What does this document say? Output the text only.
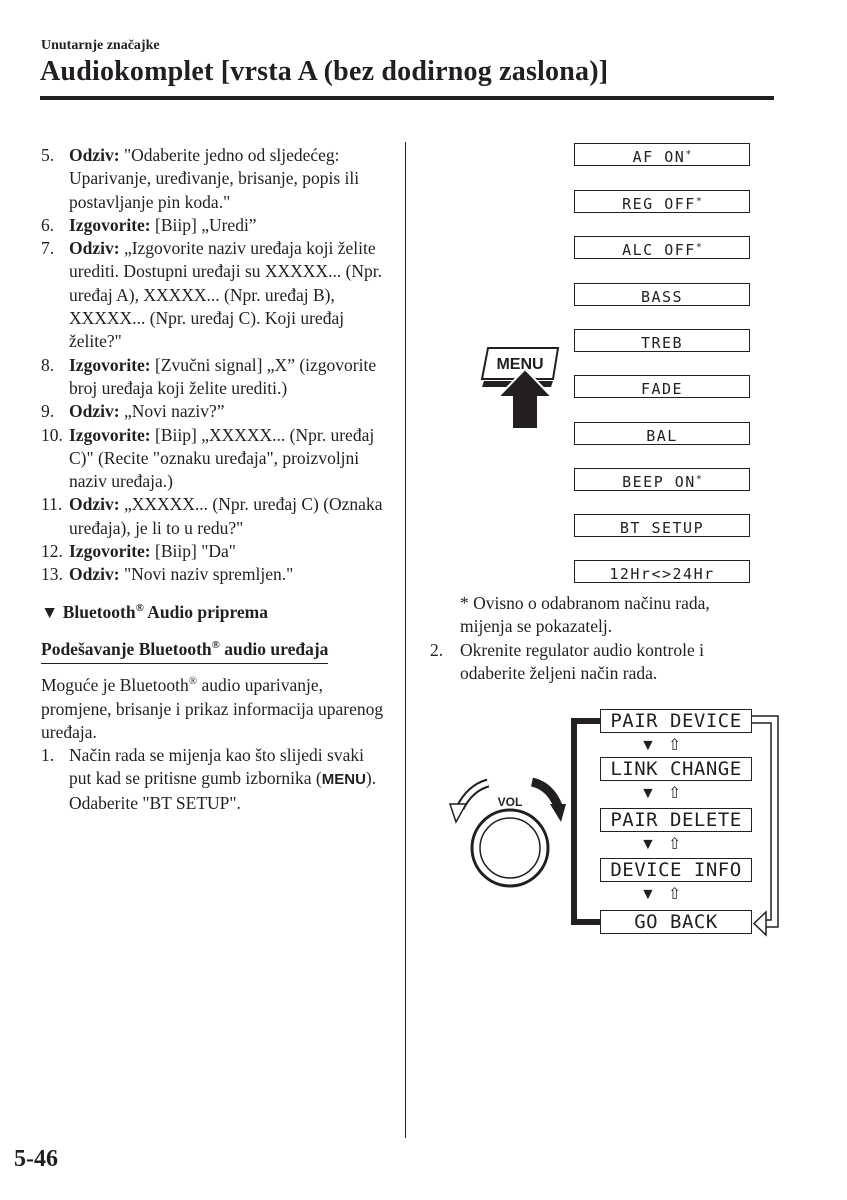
Unutarnje značajke
Audiokomplet [vrsta A (bez dodirnog zaslona)]
5. Odziv: "Odaberite jedno od sljedećeg: Uparivanje, uređivanje, brisanje, popis ili postavljanje pin koda."
6. Izgovorite: [Biip] „Uredi”
7. Odziv: „Izgovorite naziv uređaja koji želite urediti. Dostupni uređaji su XXXXX... (Npr. uređaj A), XXXXX... (Npr. uređaj B), XXXXX... (Npr. uređaj C). Koji uređaj želite?"
8. Izgovorite: [Zvučni signal] „X” (izgovorite broj uređaja koji želite urediti.)
9. Odziv: „Novi naziv?”
10. Izgovorite: [Biip] „XXXXX... (Npr. uređaj C)" (Recite "oznaku uređaja", proizvoljni naziv uređaja.)
11. Odziv: „XXXXX... (Npr. uređaj C) (Oznaka uređaja), je li to u redu?"
12. Izgovorite: [Biip] "Da"
13. Odziv: "Novi naziv spremljen."
▼ Bluetooth® Audio priprema
Podešavanje Bluetooth® audio uređaja
Moguće je Bluetooth® audio uparivanje, promjene, brisanje i prikaz informacija uparenog uređaja.
1. Način rada se mijenja kao što slijedi svaki put kad se pritisne gumb izbornika (MENU). Odaberite "BT SETUP".
AF ON*
REG OFF*
ALC OFF*
BASS
TREB
FADE
BAL
BEEP ON*
BT SETUP
12Hr<>24Hr
MENU
* Ovisno o odabranom načinu rada, mijenja se pokazatelj.
2. Okrenite regulator audio kontrole i odaberite željeni način rada.
VOL
PAIR DEVICE
▼ ⇧
LINK CHANGE
▼ ⇧
PAIR DELETE
▼ ⇧
DEVICE INFO
▼ ⇧
GO BACK
5-46
